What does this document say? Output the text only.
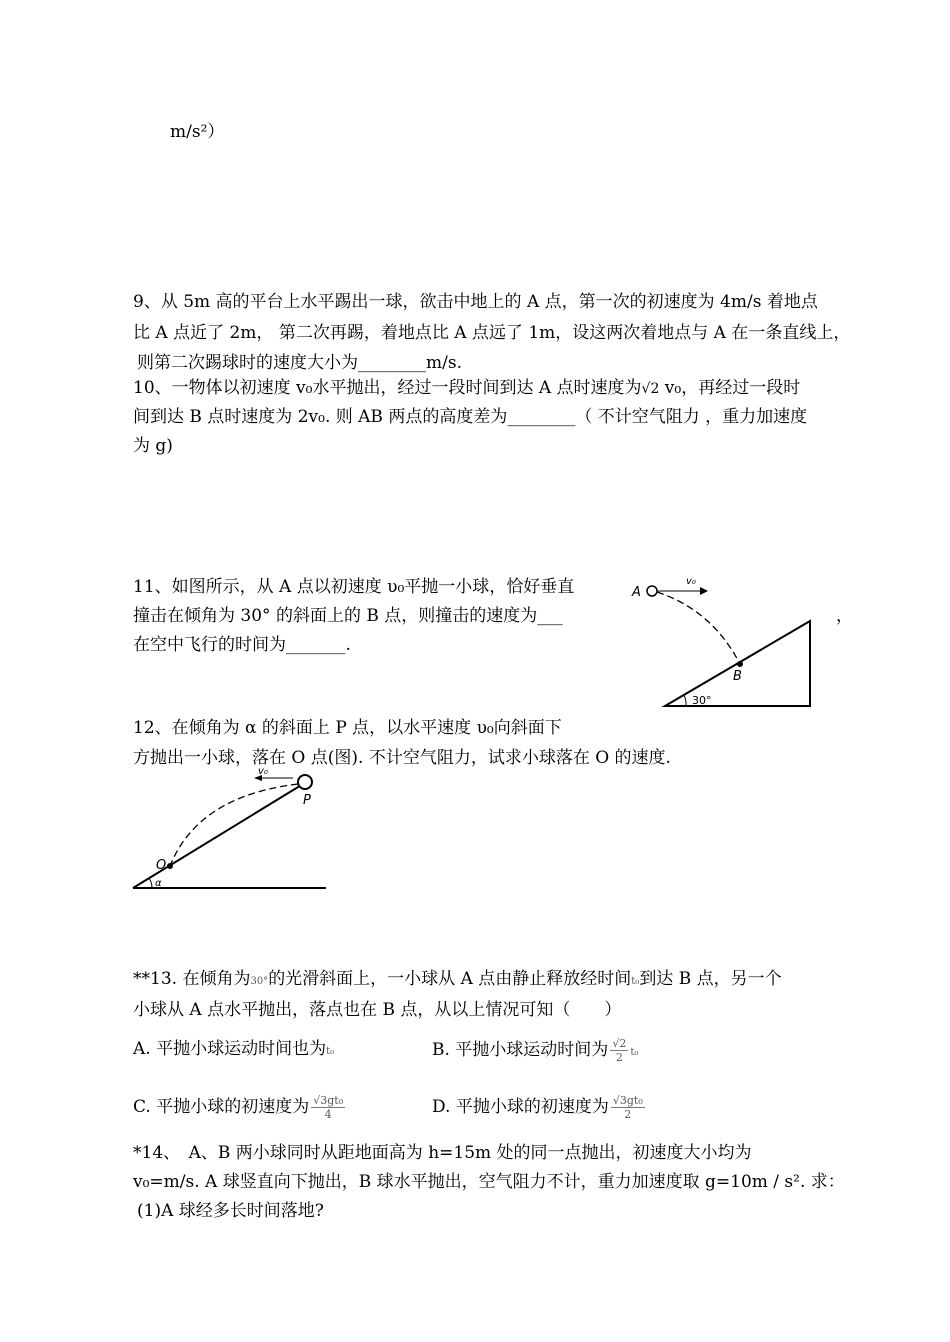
m/s²）
9、从 5m 高的平台上水平踢出一球，欲击中地上的 A 点，第一次的初速度为 4m/s 着地点
比 A 点近了 2m， 第二次再踢，着地点比 A 点远了 1m，设这两次着地点与 A 在一条直线上，
则第二次踢球时的速度大小为________m/s.
10、一物体以初速度 v₀水平抛出，经过一段时间到达 A 点时速度为√2 v₀，再经过一段时
间到达 B 点时速度为 2v₀. 则 AB 两点的高度差为________（ 不计空气阻力 ，重力加速度
为 g)
11、如图所示，从 A 点以初速度 υ₀平抛一小球，恰好垂直
撞击在倾角为 30° 的斜面上的 B 点，则撞击的速度为___	，
在空中飞行的时间为_______.
A
v₀
B
30°
12、在倾角为 α 的斜面上 P 点，以水平速度 υ₀向斜面下
方抛出一小球，落在 O 点(图). 不计空气阻力，试求小球落在 O 的速度.
v₀
P
O
α
**13. 在倾角为30°的光滑斜面上，一小球从 A 点由静止释放经时间t₀到达 B 点，另一个
小球从 A 点水平抛出，落点也在 B 点，从以上情况可知（　　）
A. 平抛小球运动时间也为t₀	B. 平抛小球运动时间为 $\frac{√2}{2} t_0$
C. 平抛小球的初速度为 $\frac{\text{√3gt₀}}{4}$	D. 平抛小球的初速度为 $\frac{\text{√3gt₀}}{2}$
*14、　A、B 两小球同时从距地面高为 h=15m 处的同一点抛出，初速度大小均为
v₀=m/s. A 球竖直向下抛出，B 球水平抛出，空气阻力不计，重力加速度取 g=10m / s². 求：
(1)A 球经多长时间落地?
